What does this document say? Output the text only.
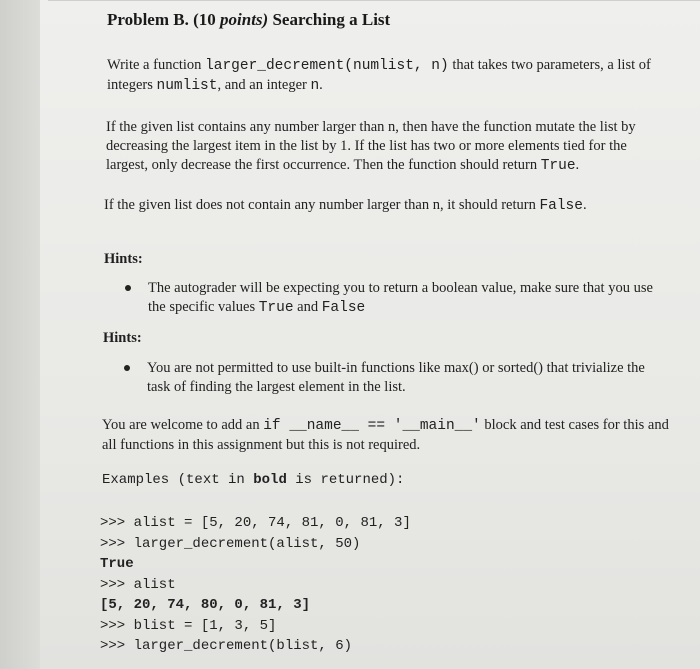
Problem B. (10 points) Searching a List
Write a function larger_decrement(numlist, n) that takes two parameters, a list of integers numlist, and an integer n.
If the given list contains any number larger than n, then have the function mutate the list by decreasing the largest item in the list by 1. If the list has two or more elements tied for the largest, only decrease the first occurrence. Then the function should return True.
If the given list does not contain any number larger than n, it should return False.
Hints:
The autograder will be expecting you to return a boolean value, make sure that you use the specific values True and False
Hints:
You are not permitted to use built-in functions like max() or sorted() that trivialize the task of finding the largest element in the list.
You are welcome to add an if __name__ == '__main__' block and test cases for this and all functions in this assignment but this is not required.
Examples (text in bold is returned):
>>> alist = [5, 20, 74, 81, 0, 81, 3]
>>> larger_decrement(alist, 50)
True
>>> alist
[5, 20, 74, 80, 0, 81, 3]
>>> blist = [1, 3, 5]
>>> larger_decrement(blist, 6)
